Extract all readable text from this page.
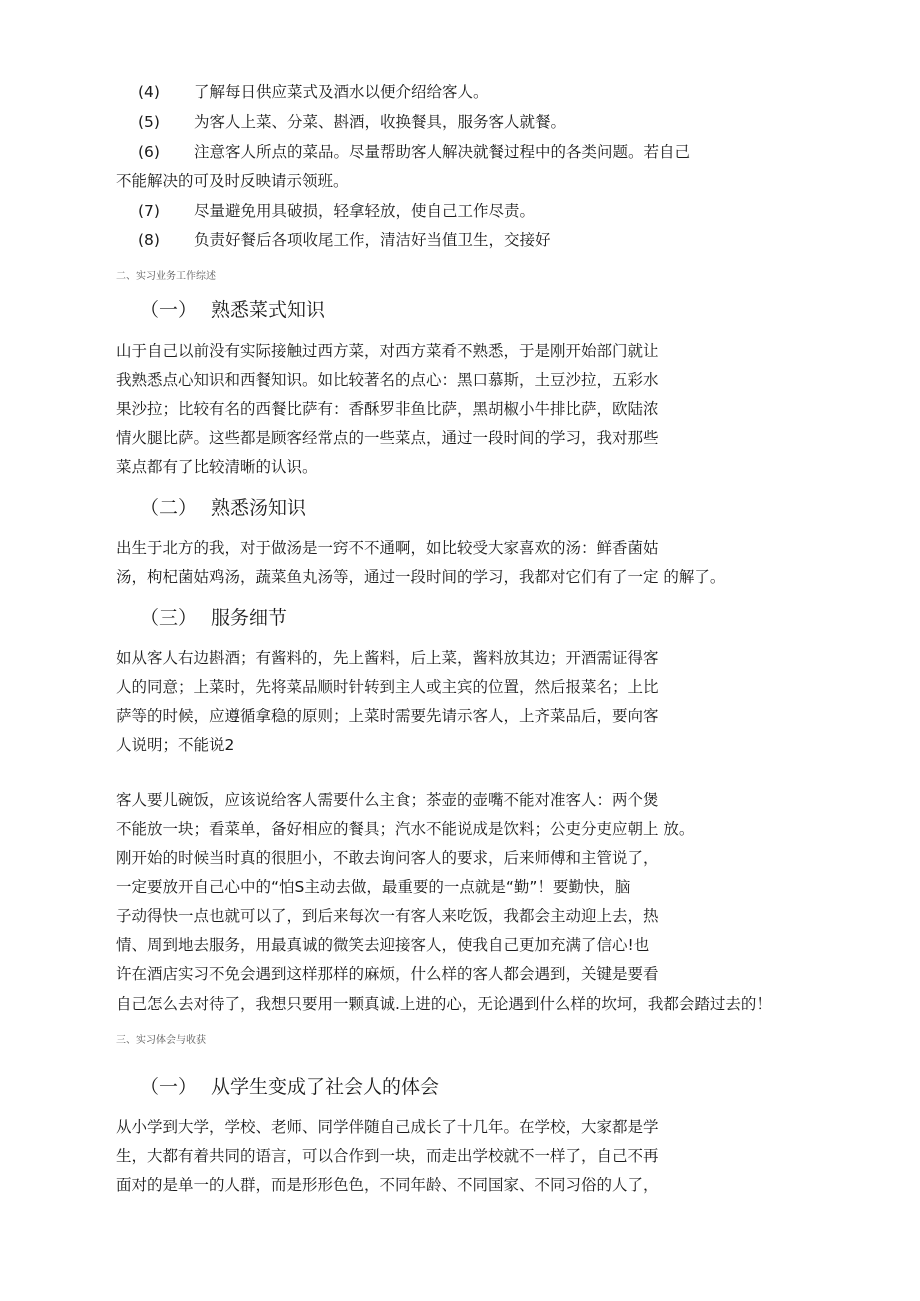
(4) 了解每日供应菜式及酒水以便介绍给客人。
(5) 为客人上菜、分菜、斟酒，收换餐具，服务客人就餐。
(6) 注意客人所点的菜品。尽量帮助客人解决就餐过程中的各类问题。若自己
不能解决的可及时反映请示领班。
(7) 尽量避免用具破损，轻拿轻放，使自己工作尽责。
(8) 负责好餐后各项收尾工作，清洁好当值卫生，交接好
二、实习业务工作综述
（一） 熟悉菜式知识
山于自己以前没有实际接触过西方菜，对西方菜肴不熟悉，于是刚开始部门就让
我熟悉点心知识和西餐知识。如比较著名的点心：黑口慕斯，土豆沙拉，五彩水
果沙拉；比较有名的西餐比萨有：香酥罗非鱼比萨，黑胡椒小牛排比萨，欧陆浓
情火腿比萨。这些都是顾客经常点的一些菜点，通过一段时间的学习，我对那些
菜点都有了比较清晰的认识。
（二） 熟悉汤知识
出生于北方的我，对于做汤是一窍不不通啊，如比较受大家喜欢的汤：鲜香菌姑
汤，枸杞菌姑鸡汤，蔬菜鱼丸汤等，通过一段时间的学习，我都对它们有了一定 的解了。
（三） 服务细节
如从客人右边斟酒；有酱料的，先上酱料，后上菜，酱料放其边；开酒需证得客
人的同意；上菜时，先将菜品顺时针转到主人或主宾的位置，然后报菜名；上比
萨等的时候，应遵循拿稳的原则；上菜时需要先请示客人，上齐菜品后，要向客
人说明；不能说2
客人要儿碗饭，应该说给客人需要什么主食；茶壶的壶嘴不能对准客人：两个煲
不能放一块；看菜单，备好相应的餐具；汽水不能说成是饮料；公吏分吏应朝上 放。
刚开始的时候当时真的很胆小，不敢去询问客人的要求，后来师傅和主管说了，
一定要放开自己心中的“怕S主动去做，最重要的一点就是“勤”！要勤快，脑
子动得快一点也就可以了，到后来每次一有客人来吃饭，我都会主动迎上去，热
情、周到地去服务，用最真诚的微笑去迎接客人，使我自己更加充满了信心!也
许在酒店实习不免会遇到这样那样的麻烦，什么样的客人都会遇到，关键是要看
自己怎么去对待了，我想只要用一颗真诚.上进的心，无论遇到什么样的坎坷，我都会踏过去的！
三、实习体会与收获
（一） 从学生变成了社会人的体会
从小学到大学，学校、老师、同学伴随自己成长了十几年。在学校，大家都是学
生，大都有着共同的语言，可以合作到一块，而走出学校就不一样了，自己不再
面对的是单一的人群，而是形形色色，不同年龄、不同国家、不同习俗的人了，
